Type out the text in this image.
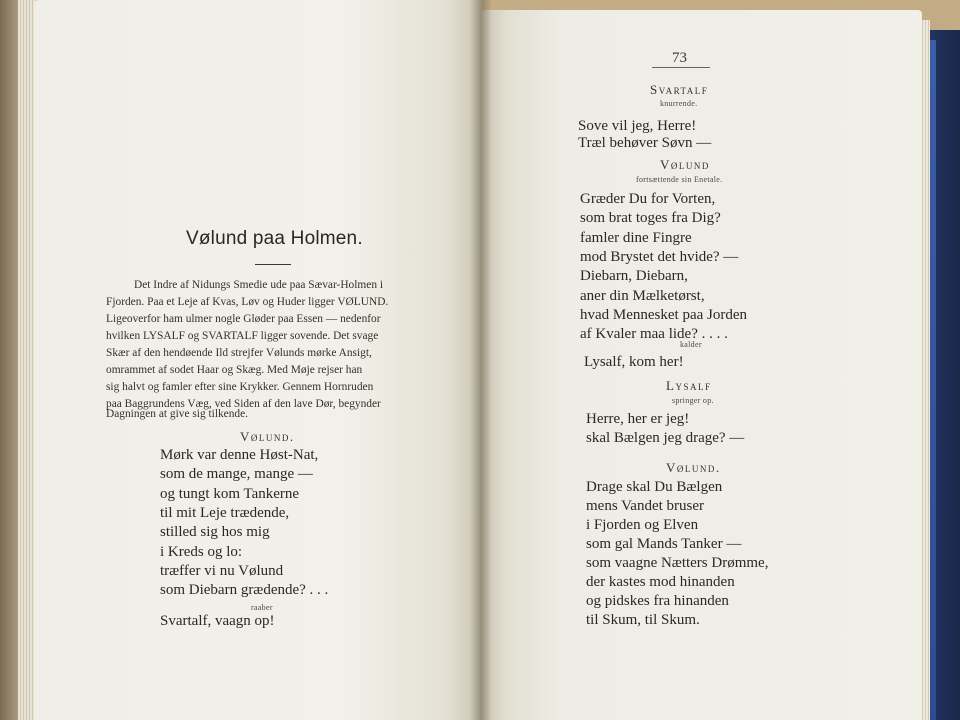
Vølund paa Holmen.
Det Indre af Nidungs Smedie ude paa Sævar-Holmen i
Fjorden. Paa et Leje af Kvas, Løv og Huder ligger VØLUND.
Ligeoverfor ham ulmer nogle Gløder paa Essen — nedenfor
hvilken LYSALF og SVARTALF ligger sovende. Det svage
Skær af den hendøende Ild strejfer Vølunds mørke Ansigt,
omrammet af sodet Haar og Skæg. Med Møje rejser han
sig halvt og famler efter sine Krykker. Gennem Hornruden
paa Baggrundens Væg, ved Siden af den lave Dør, begynder
Dagningen at give sig tilkende.
Vølund.
Mørk var denne Høst-Nat,
som de mange, mange —
og tungt kom Tankerne
til mit Leje trædende,
stilled sig hos mig
i Kreds og lo:
træffer vi nu Vølund
som Diebarn grædende? . . .
raaber
Svartalf, vaagn op!
73
Svartalf
knurrende.
Sove vil jeg, Herre!
Træl behøver Søvn —
Vølund
fortsættende sin Enetale.
Græder Du for Vorten,
som brat toges fra Dig?
famler dine Fingre
mod Brystet det hvide? —
Diebarn, Diebarn,
aner din Mælketørst,
hvad Mennesket paa Jorden
af Kvaler maa lide? . . . .
kalder
Lysalf, kom her!
Lysalf
springer op.
Herre, her er jeg!
skal Bælgen jeg drage? —
Vølund.
Drage skal Du Bælgen
mens Vandet bruser
i Fjorden og Elven
som gal Mands Tanker —
som vaagne Nætters Drømme,
der kastes mod hinanden
og pidskes fra hinanden
til Skum, til Skum.
